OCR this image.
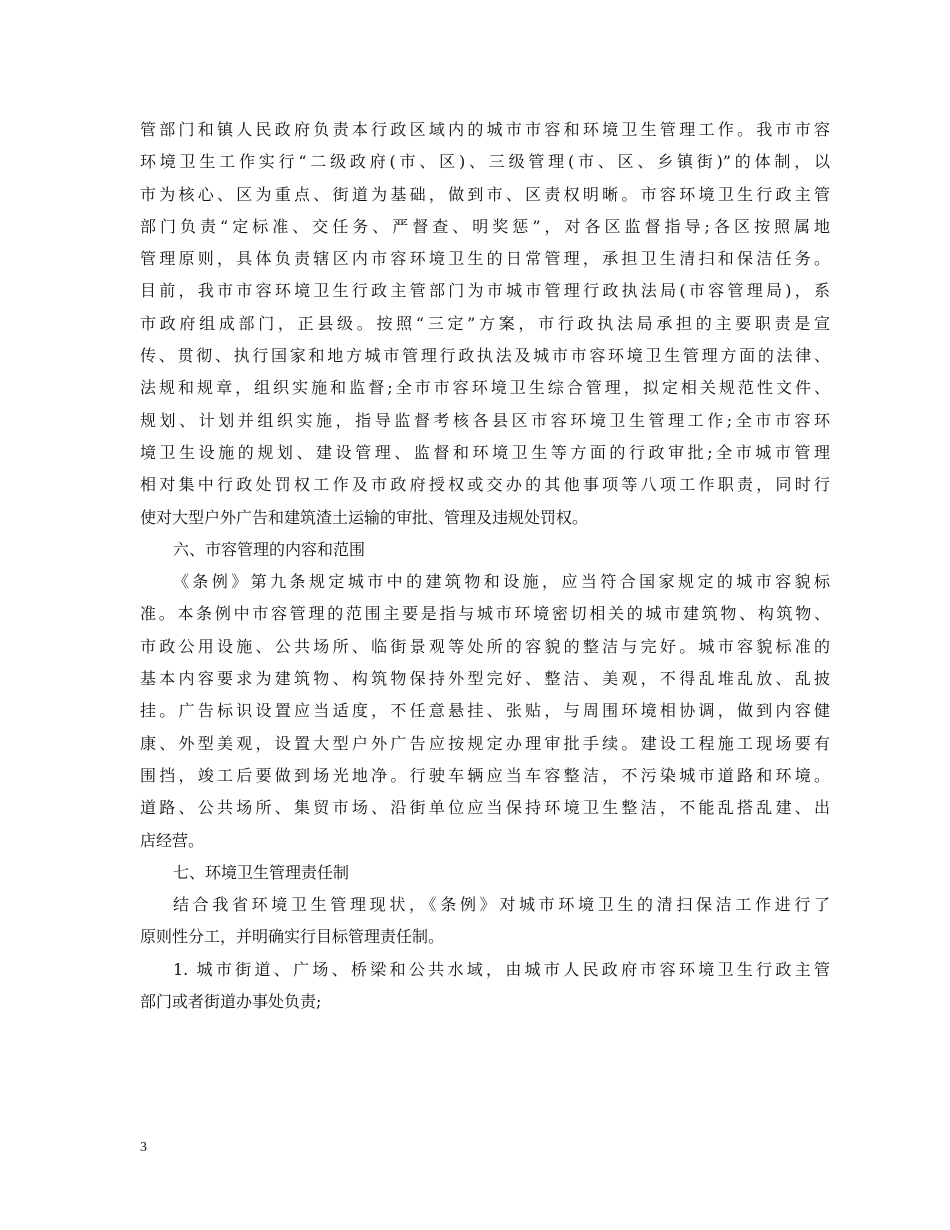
管部门和镇人民政府负责本行政区域内的城市市容和环境卫生管理工作。我市市容
环境卫生工作实行“二级政府(市、区)、三级管理(市、区、乡镇街)”的体制，以
市为核心、区为重点、街道为基础，做到市、区责权明晰。市容环境卫生行政主管
部门负责“定标准、交任务、严督查、明奖惩”，对各区监督指导;各区按照属地
管理原则，具体负责辖区内市容环境卫生的日常管理，承担卫生清扫和保洁任务。
目前，我市市容环境卫生行政主管部门为市城市管理行政执法局(市容管理局)，系
市政府组成部门，正县级。按照“三定”方案，市行政执法局承担的主要职责是宣
传、贯彻、执行国家和地方城市管理行政执法及城市市容环境卫生管理方面的法律、
法规和规章，组织实施和监督;全市市容环境卫生综合管理，拟定相关规范性文件、
规划、计划并组织实施，指导监督考核各县区市容环境卫生管理工作;全市市容环
境卫生设施的规划、建设管理、监督和环境卫生等方面的行政审批;全市城市管理
相对集中行政处罚权工作及市政府授权或交办的其他事项等八项工作职责，同时行
使对大型户外广告和建筑渣土运输的审批、管理及违规处罚权。
六、市容管理的内容和范围
《条例》第九条规定城市中的建筑物和设施，应当符合国家规定的城市容貌标
准。本条例中市容管理的范围主要是指与城市环境密切相关的城市建筑物、构筑物、
市政公用设施、公共场所、临街景观等处所的容貌的整洁与完好。城市容貌标准的
基本内容要求为建筑物、构筑物保持外型完好、整洁、美观，不得乱堆乱放、乱披
挂。广告标识设置应当适度，不任意悬挂、张贴，与周围环境相协调，做到内容健
康、外型美观，设置大型户外广告应按规定办理审批手续。建设工程施工现场要有
围挡，竣工后要做到场光地净。行驶车辆应当车容整洁，不污染城市道路和环境。
道路、公共场所、集贸市场、沿街单位应当保持环境卫生整洁，不能乱搭乱建、出
店经营。
七、环境卫生管理责任制
结合我省环境卫生管理现状，《条例》对城市环境卫生的清扫保洁工作进行了
原则性分工，并明确实行目标管理责任制。
1. 城市街道、广场、桥梁和公共水域，由城市人民政府市容环境卫生行政主管
部门或者街道办事处负责;
3
